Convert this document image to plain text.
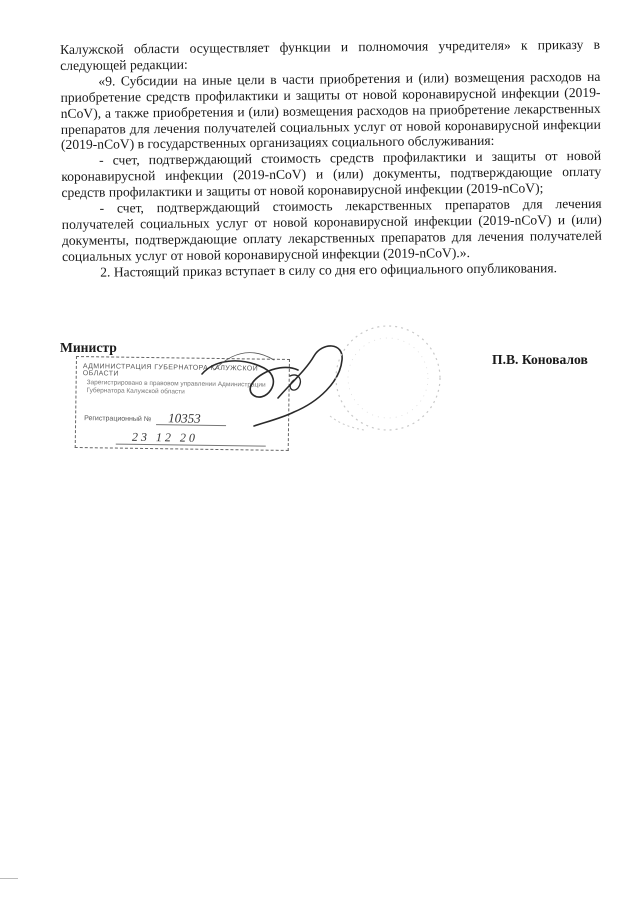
Калужской области осуществляет функции и полномочия учредителя» к приказу в следующей редакции:

«9. Субсидии на иные цели в части приобретения и (или) возмещения расходов на приобретение средств профилактики и защиты от новой коронавирусной инфекции (2019-nCoV), а также приобретения и (или) возмещения расходов на приобретение лекарственных препаратов для лечения получателей социальных услуг от новой коронавирусной инфекции (2019-nCoV) в государственных организациях социального обслуживания:

- счет, подтверждающий стоимость средств профилактики и защиты от новой коронавирусной инфекции (2019-nCoV) и (или) документы, подтверждающие оплату средств профилактики и защиты от новой коронавирусной инфекции (2019-nCoV);

- счет, подтверждающий стоимость лекарственных препаратов для лечения получателей социальных услуг от новой коронавирусной инфекции (2019-nCoV) и (или) документы, подтверждающие оплату лекарственных препаратов для лечения получателей социальных услуг от новой коронавирусной инфекции (2019-nCoV).».

2. Настоящий приказ вступает в силу со дня его официального опубликования.

Министр
П.В. Коновалов
АДМИНИСТРАЦИЯ ГУБЕРНАТОРА КАЛУЖСКОЙ ОБЛАСТИ
Зарегистрировано в правовом управлении Администрации Губернатора Калужской области
Регистрационный № 10353
23 12 20
